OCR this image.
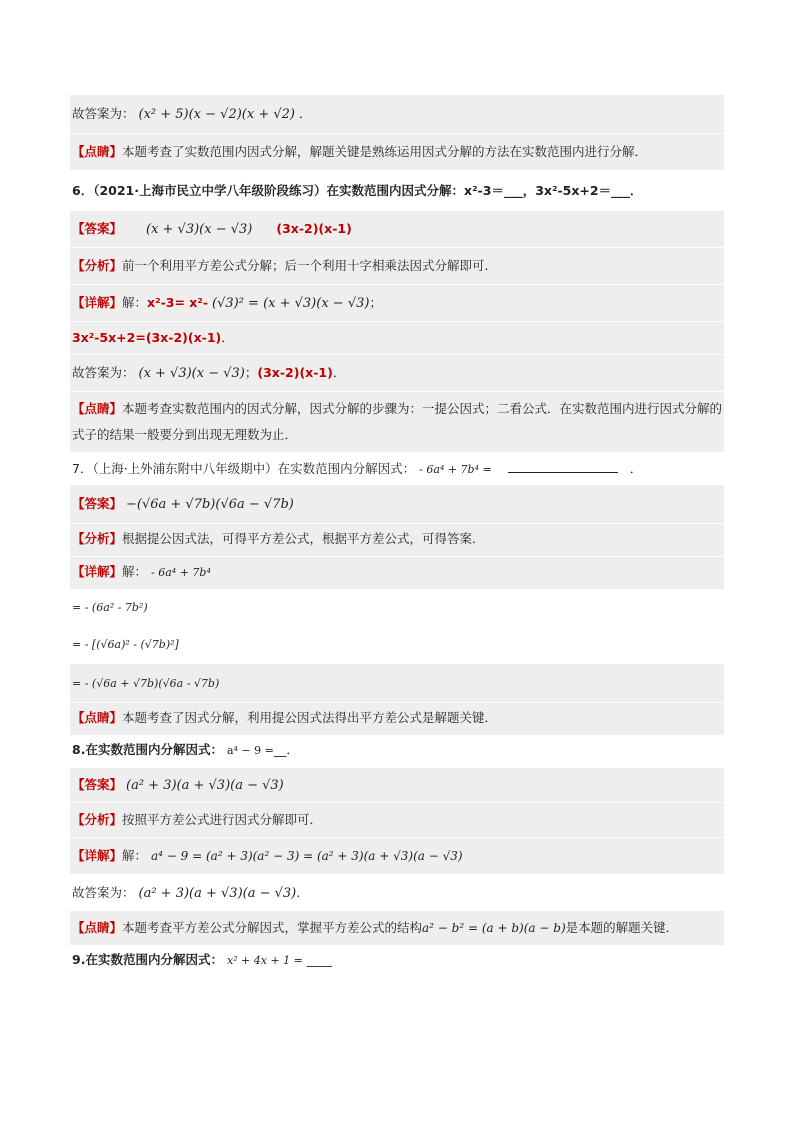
故答案为： (x² + 5)(x − √2)(x + √2) ．
【点睛】本题考查了实数范围内因式分解，解题关键是熟练运用因式分解的方法在实数范围内进行分解．
6．（2021·上海市民立中学八年级阶段练习）在实数范围内因式分解：x²-3＝___，3x²-5x+2＝___．
【答案】 (x + √3)(x − √3) (3x-2)(x-1)
【分析】前一个利用平方差公式分解；后一个利用十字相乘法因式分解即可．
【详解】解：x²-3= x²- (√3)² = (x + √3)(x − √3)；
3x²-5x+2=(3x-2)(x-1)．
故答案为： (x + √3)(x − √3)；(3x-2)(x-1)．
【点睛】本题考查实数范围内的因式分解，因式分解的步骤为：一提公因式；二看公式．在实数范围内进行因式分解的式子的结果一般要分到出现无理数为止．
7．（上海·上外浦东附中八年级期中）在实数范围内分解因式： - 6a⁴ + 7b⁴ =	．
【答案】 −(√6a + √7b)(√6a − √7b)
【分析】根据提公因式法，可得平方差公式，根据平方差公式，可得答案．
【详解】解： - 6a⁴ + 7b⁴
= - (6a² - 7b²)
= - [(√6a)² - (√7b)²]
= - (√6a + √7b)(√6a - √7b)
【点睛】本题考查了因式分解，利用提公因式法得出平方差公式是解题关键．
8.在实数范围内分解因式： a⁴ − 9 =__．
【答案】 (a² + 3)(a + √3)(a − √3)
【分析】按照平方差公式进行因式分解即可．
【详解】解： a⁴ − 9 = (a² + 3)(a² − 3) = (a² + 3)(a + √3)(a − √3)
故答案为： (a² + 3)(a + √3)(a − √3).
【点睛】本题考查平方差公式分解因式，掌握平方差公式的结构a² − b² = (a + b)(a − b)是本题的解题关键．
9.在实数范围内分解因式： x² + 4x + 1 = ____
